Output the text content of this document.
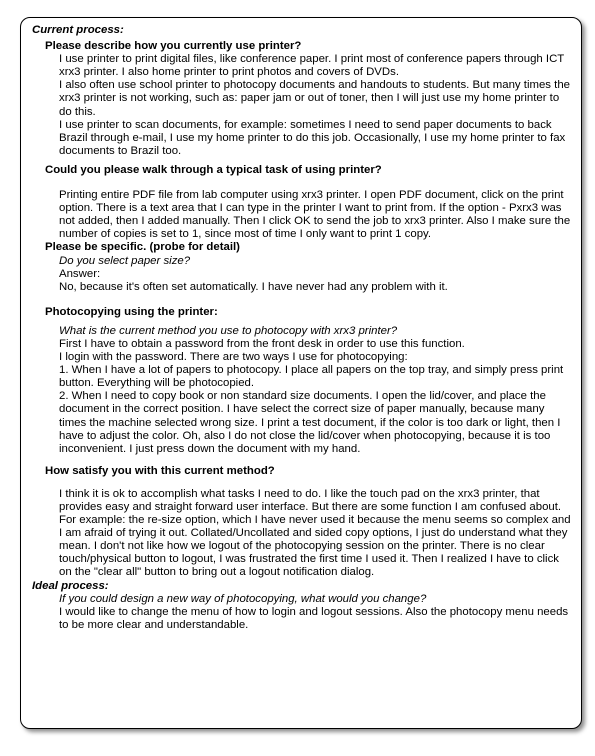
Current process:

Please describe how you currently use printer?

I use printer to print digital files, like conference paper. I print most of conference papers through ICT xrx3 printer. I also home printer to print photos and covers of DVDs.

I also often use school printer to photocopy documents and handouts to students. But many times the xrx3 printer is not working, such as: paper jam or out of toner, then I will just use my home printer to do this.

I use printer to scan documents, for example: sometimes I need to send paper documents to back Brazil through e-mail, I use my home printer to do this job. Occasionally, I use my home printer to fax documents to Brazil too.

Could you please walk through a typical task of using printer?

Printing entire PDF file from lab computer using xrx3 printer. I open PDF document, click on the print option. There is a text area that I can type in the printer I want to print from. If the option - Pxrx3 was not added, then I added manually. Then I click OK to send the job to xrx3 printer. Also I make sure the number of copies is set to 1, since most of time I only want to print 1 copy.

Please be specific. (probe for detail)

Do you select paper size?

Answer:

No, because it's often set automatically. I have never had any problem with it.

Photocopying using the printer:

What is the current method you use to photocopy with xrx3 printer?

First I have to obtain a password from the front desk in order to use this function.

I login with the password. There are two ways I use for photocopying:

1. When I have a lot of papers to photocopy. I place all papers on the top tray, and simply press print button. Everything will be photocopied.

2. When I need to copy book or non standard size documents. I open the lid/cover, and place the document in the correct position. I have select the correct size of paper manually, because many times the machine selected wrong size. I print a test document, if the color is too dark or light, then I have to adjust the color. Oh, also I do not close the lid/cover when photocopying, because it is too inconvenient. I just press down the document with my hand.

How satisfy you with this current method?

I think it is ok to accomplish what tasks I need to do. I like the touch pad on the xrx3 printer, that provides easy and straight forward user interface. But there are some function I am confused about. For example: the re-size option, which I have never used it because the menu seems so complex and I am afraid of trying it out. Collated/Uncollated and sided copy options, I just do understand what they mean. I don't not like how we logout of the photocopying session on the printer. There is no clear touch/physical button to logout, I was frustrated the first time I used it. Then I realized I have to click on the "clear all" button to bring out a logout notification dialog.

Ideal process:

If you could design a new way of photocopying, what would you change?

I would like to change the menu of how to login and logout sessions. Also the photocopy menu needs to be more clear and understandable.
